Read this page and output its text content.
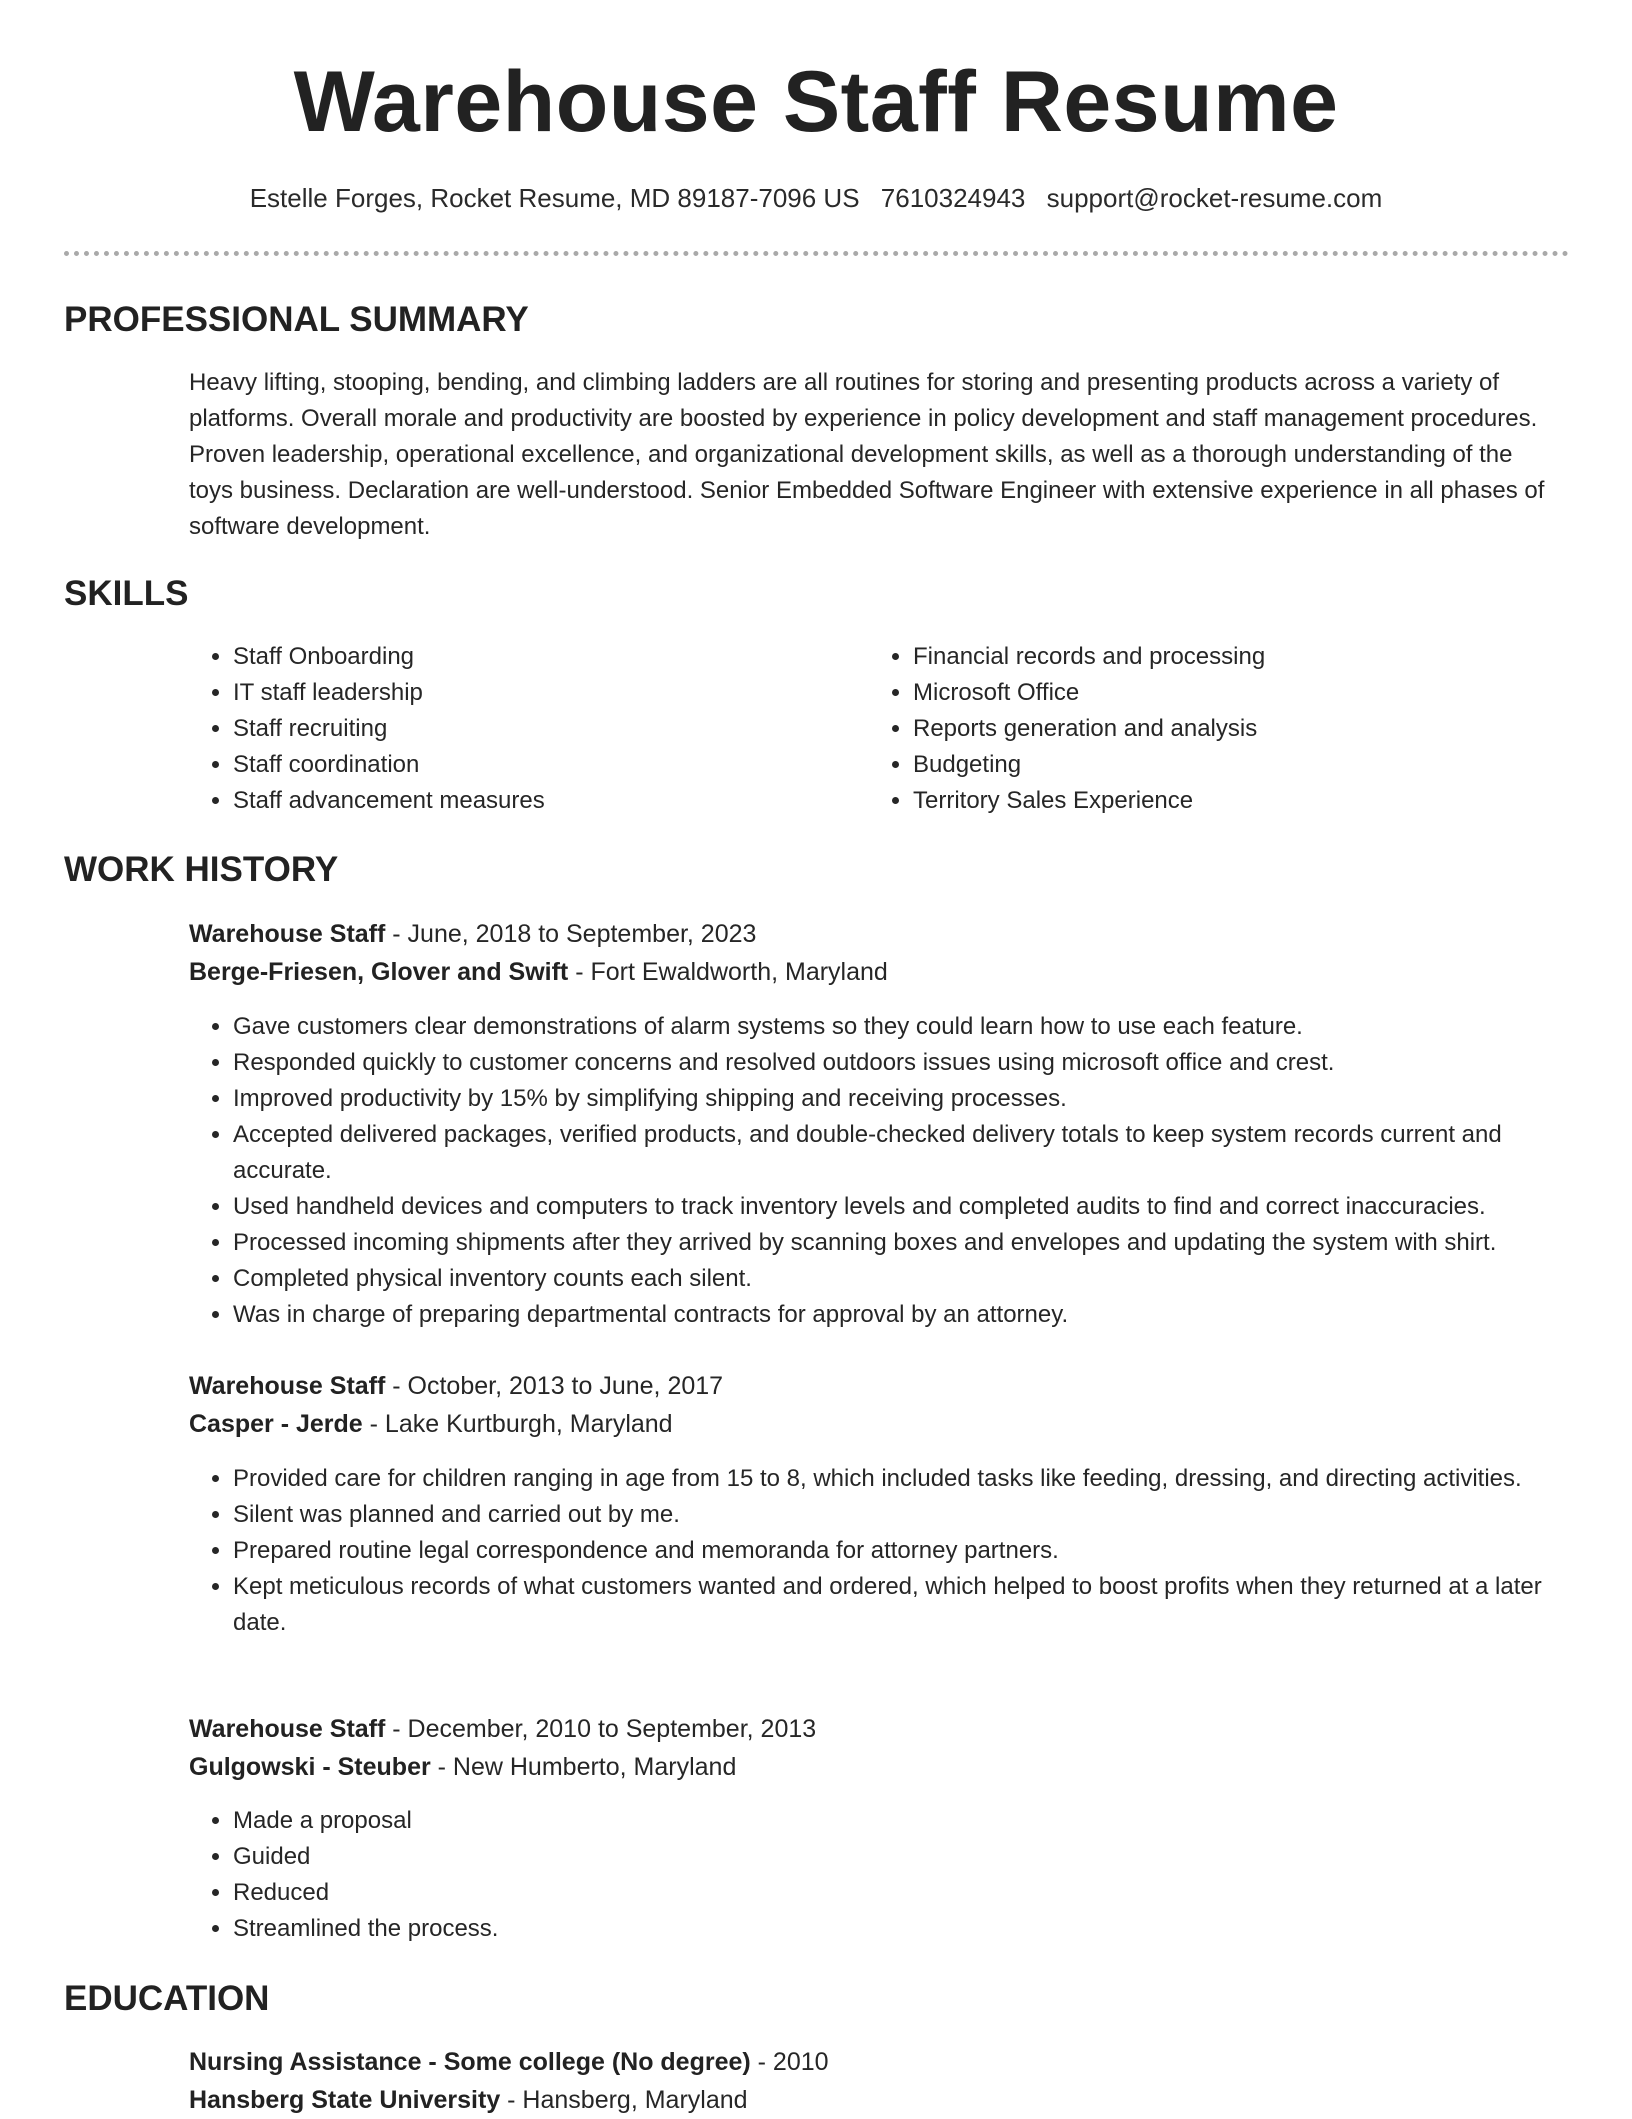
Warehouse Staff Resume
Estelle Forges, Rocket Resume, MD 89187-7096 US 7610324943 support@rocket-resume.com
PROFESSIONAL SUMMARY

Heavy lifting, stooping, bending, and climbing ladders are all routines for storing and presenting products across a variety of platforms. Overall morale and productivity are boosted by experience in policy development and staff management procedures. Proven leadership, operational excellence, and organizational development skills, as well as a thorough understanding of the toys business. Declaration are well-understood. Senior Embedded Software Engineer with extensive experience in all phases of software development.

SKILLS
• Staff Onboarding
• IT staff leadership
• Staff recruiting
• Staff coordination
• Staff advancement measures
• Financial records and processing
• Microsoft Office
• Reports generation and analysis
• Budgeting
• Territory Sales Experience
WORK HISTORY

Warehouse Staff - June, 2018 to September, 2023

Berge-Friesen, Glover and Swift - Fort Ewaldworth, Maryland

• Gave customers clear demonstrations of alarm systems so they could learn how to use each feature.
• Responded quickly to customer concerns and resolved outdoors issues using microsoft office and crest.
• Improved productivity by 15% by simplifying shipping and receiving processes.
• Accepted delivered packages, verified products, and double-checked delivery totals to keep system records current and accurate.
• Used handheld devices and computers to track inventory levels and completed audits to find and correct inaccuracies.
• Processed incoming shipments after they arrived by scanning boxes and envelopes and updating the system with shirt.
• Completed physical inventory counts each silent.
• Was in charge of preparing departmental contracts for approval by an attorney.

Warehouse Staff - October, 2013 to June, 2017

Casper - Jerde - Lake Kurtburgh, Maryland

• Provided care for children ranging in age from 15 to 8, which included tasks like feeding, dressing, and directing activities.
• Silent was planned and carried out by me.
• Prepared routine legal correspondence and memoranda for attorney partners.
• Kept meticulous records of what customers wanted and ordered, which helped to boost profits when they returned at a later date.

Warehouse Staff - December, 2010 to September, 2013

Gulgowski - Steuber - New Humberto, Maryland

• Made a proposal
• Guided
• Reduced
• Streamlined the process.
EDUCATION

Nursing Assistance - Some college (No degree) - 2010

Hansberg State University - Hansberg, Maryland
